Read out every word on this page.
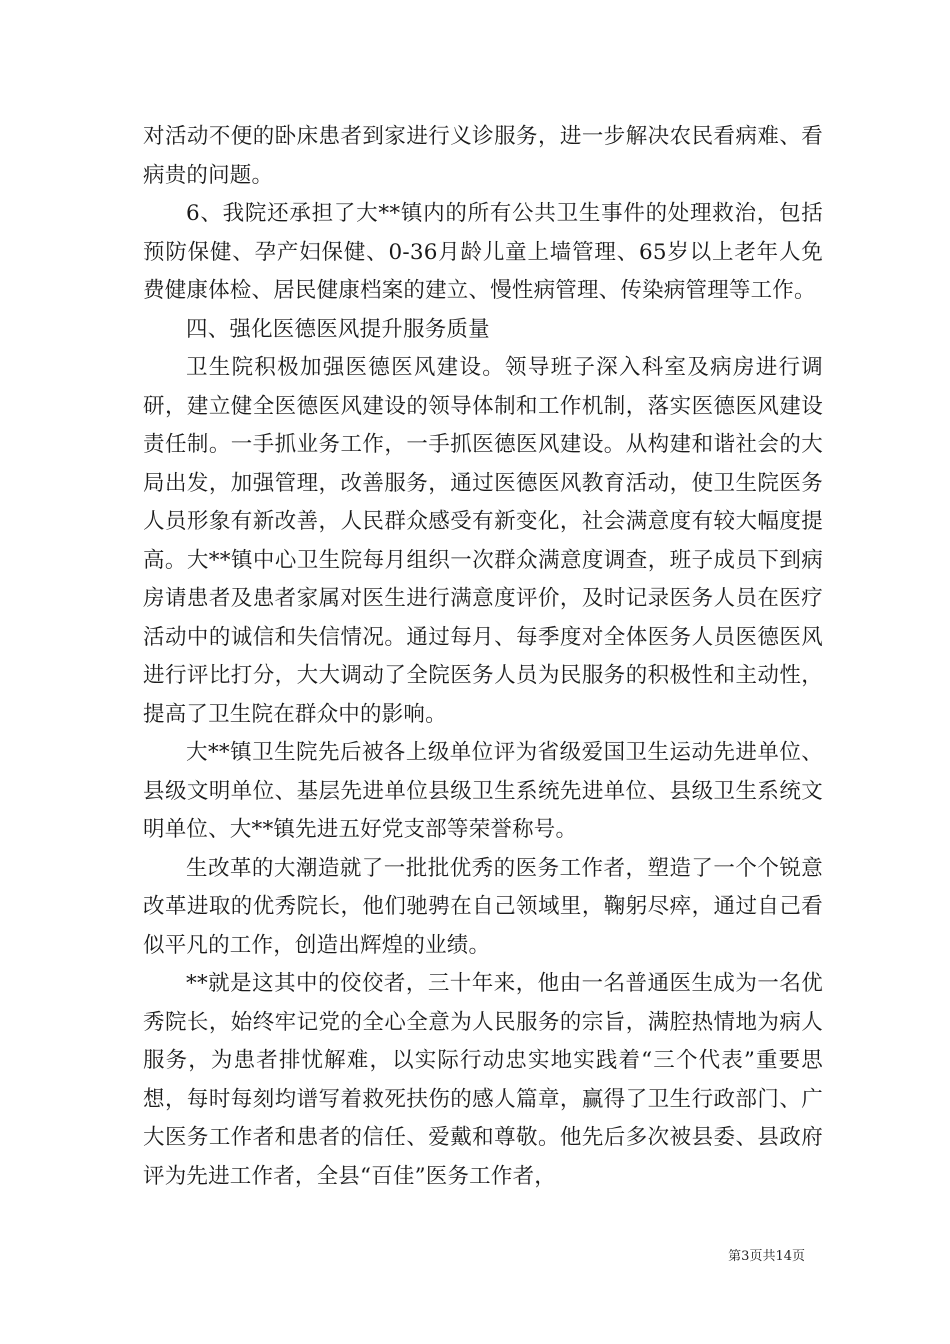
对活动不便的卧床患者到家进行义诊服务，进一步解决农民看病难、看病贵的问题。

6、我院还承担了大**镇内的所有公共卫生事件的处理救治，包括预防保健、孕产妇保健、0-36月龄儿童上墙管理、65岁以上老年人免费健康体检、居民健康档案的建立、慢性病管理、传染病管理等工作。

四、强化医德医风提升服务质量

卫生院积极加强医德医风建设。领导班子深入科室及病房进行调研，建立健全医德医风建设的领导体制和工作机制，落实医德医风建设责任制。一手抓业务工作，一手抓医德医风建设。从构建和谐社会的大局出发，加强管理，改善服务，通过医德医风教育活动，使卫生院医务人员形象有新改善，人民群众感受有新变化，社会满意度有较大幅度提高。大**镇中心卫生院每月组织一次群众满意度调查，班子成员下到病房请患者及患者家属对医生进行满意度评价，及时记录医务人员在医疗活动中的诚信和失信情况。通过每月、每季度对全体医务人员医德医风进行评比打分，大大调动了全院医务人员为民服务的积极性和主动性，提高了卫生院在群众中的影响。

大**镇卫生院先后被各上级单位评为省级爱国卫生运动先进单位、县级文明单位、基层先进单位县级卫生系统先进单位、县级卫生系统文明单位、大**镇先进五好党支部等荣誉称号。

生改革的大潮造就了一批批优秀的医务工作者，塑造了一个个锐意改革进取的优秀院长，他们驰骋在自己领域里，鞠躬尽瘁，通过自己看似平凡的工作，创造出辉煌的业绩。

**就是这其中的佼佼者，三十年来，他由一名普通医生成为一名优秀院长，始终牢记党的全心全意为人民服务的宗旨，满腔热情地为病人服务，为患者排忧解难，以实际行动忠实地实践着“三个代表”重要思想，每时每刻均谱写着救死扶伤的感人篇章，赢得了卫生行政部门、广大医务工作者和患者的信任、爱戴和尊敬。他先后多次被县委、县政府评为先进工作者，全县“百佳”医务工作者，

第3页共14页
